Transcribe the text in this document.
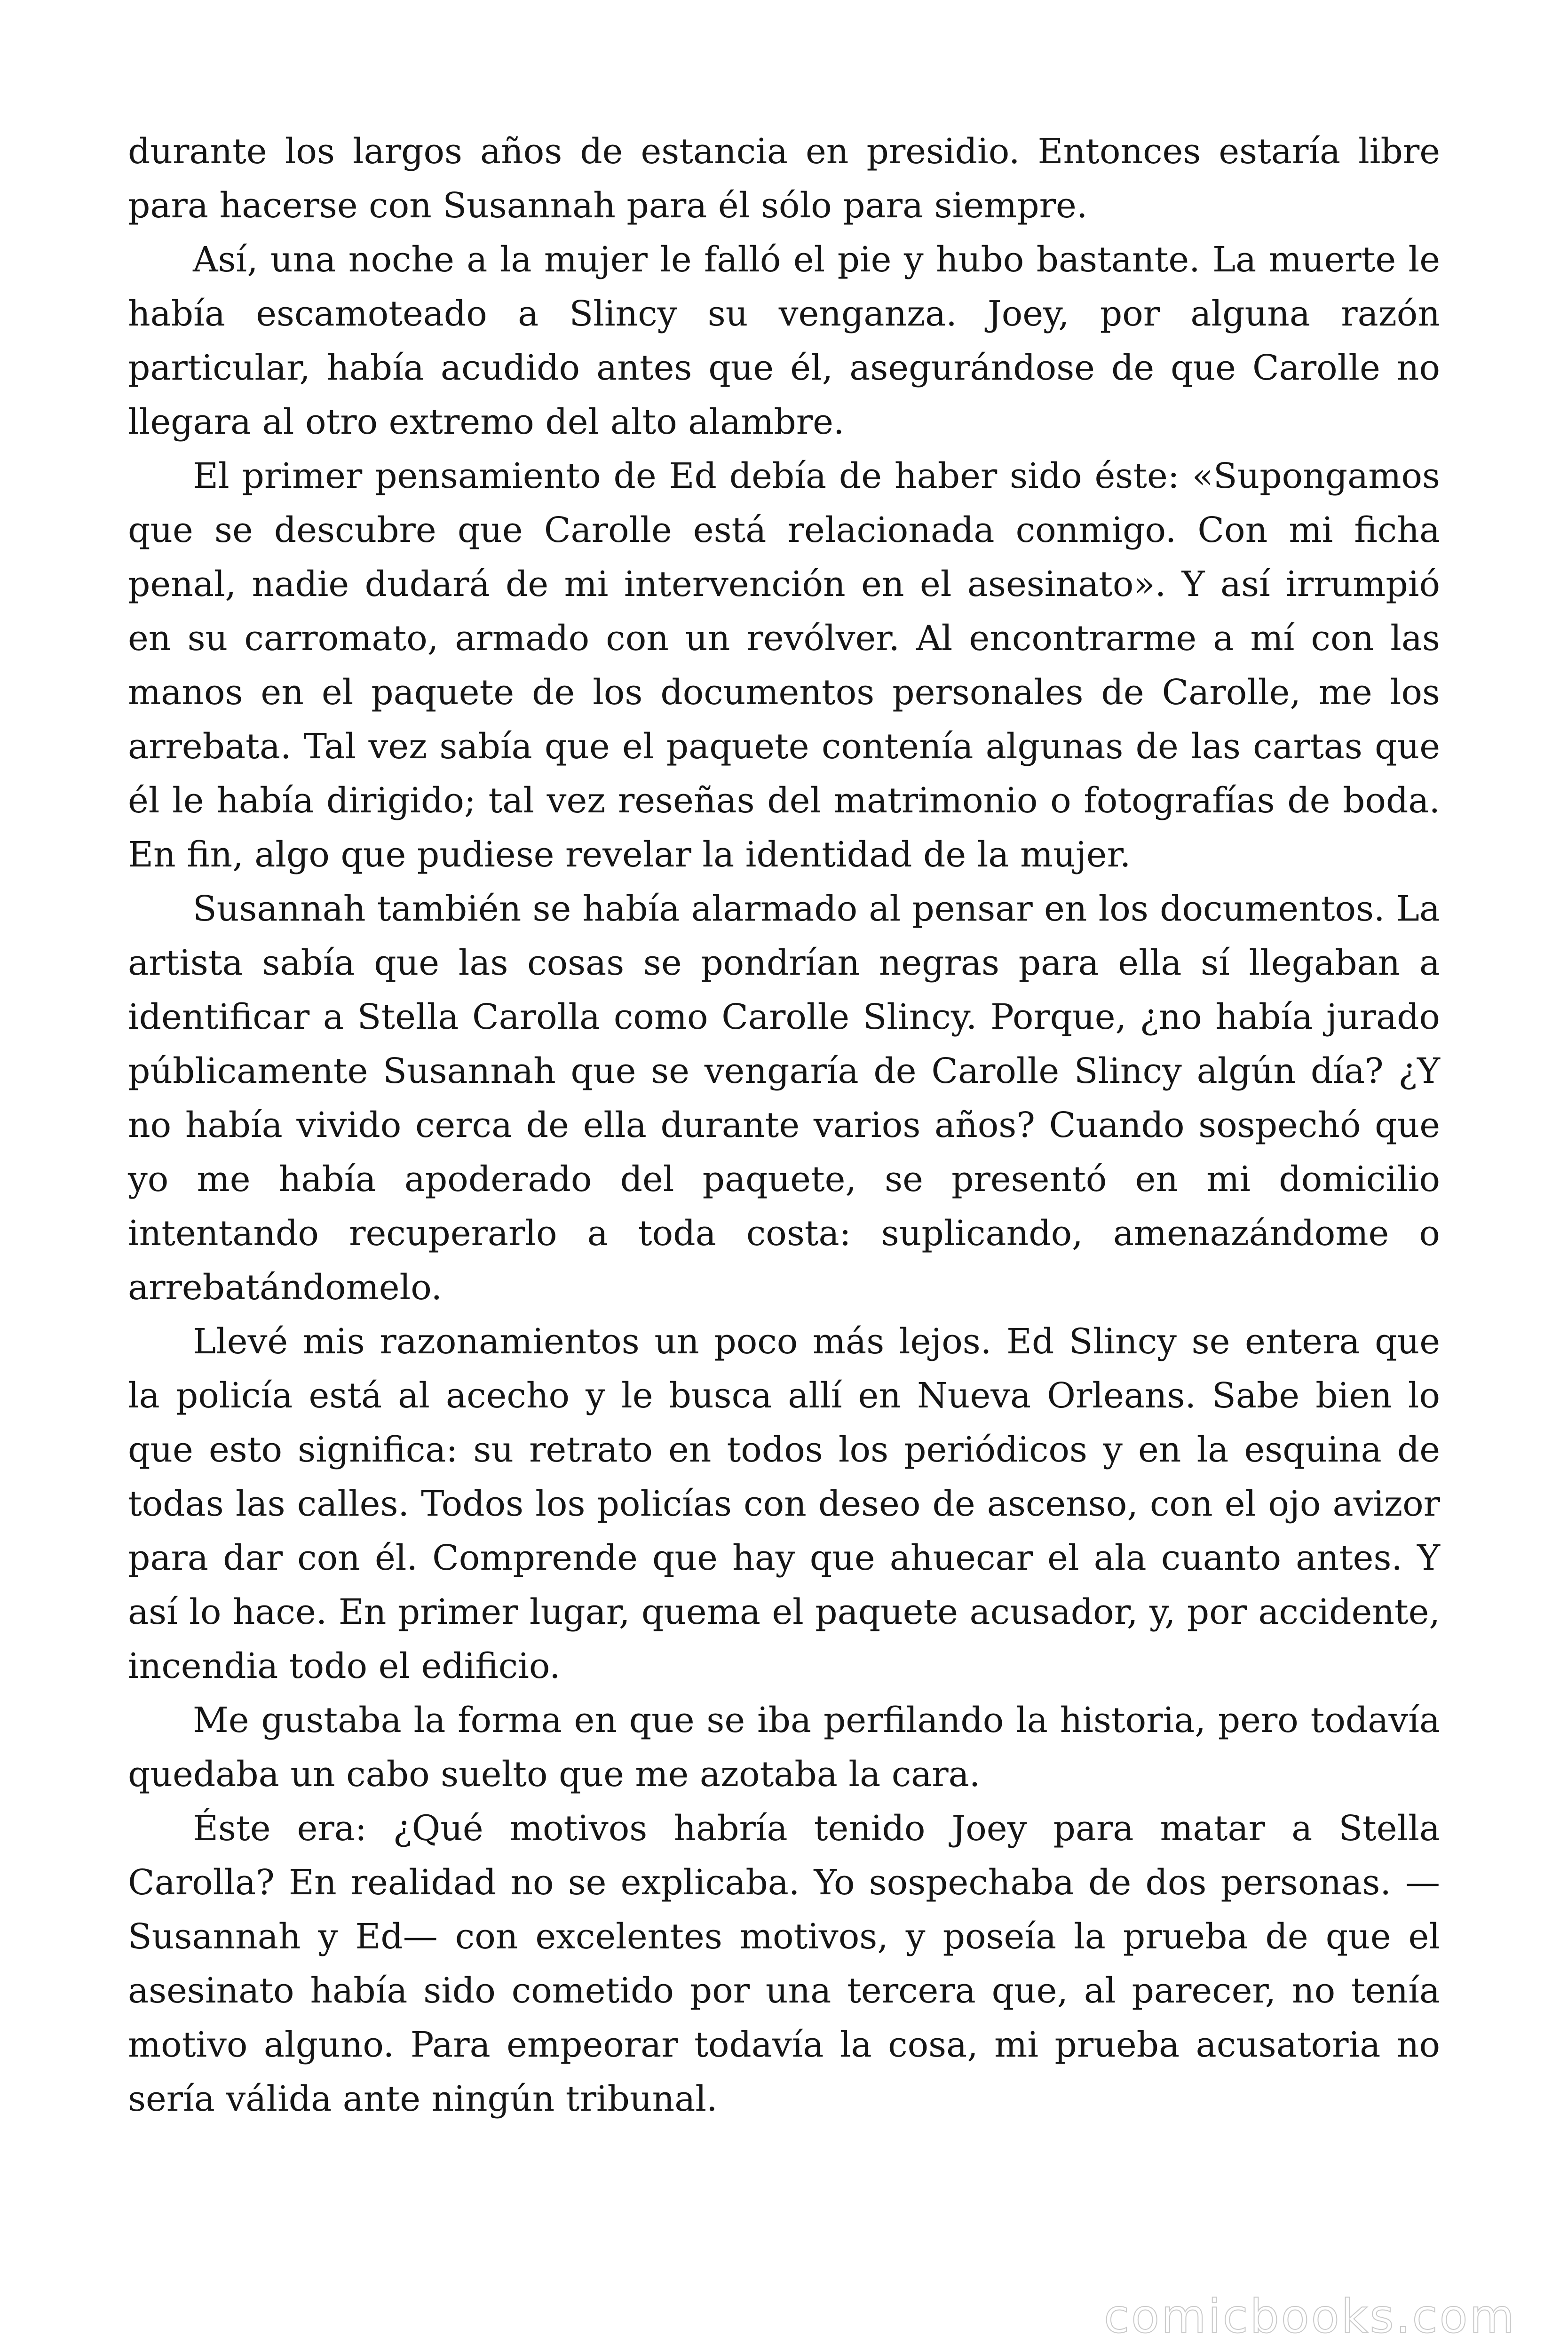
durante los largos años de estancia en presidio. Entonces estaría libre para hacerse con Susannah para él sólo para siempre.

Así, una noche a la mujer le falló el pie y hubo bastante. La muerte le había escamoteado a Slincy su venganza. Joey, por alguna razón particular, había acudido antes que él, asegurándose de que Carolle no llegara al otro extremo del alto alambre.

El primer pensamiento de Ed debía de haber sido éste: «Supongamos que se descubre que Carolle está relacionada conmigo. Con mi ficha penal, nadie dudará de mi intervención en el asesinato». Y así irrumpió en su carromato, armado con un revólver. Al encontrarme a mí con las manos en el paquete de los documentos personales de Carolle, me los arrebata. Tal vez sabía que el paquete contenía algunas de las cartas que él le había dirigido; tal vez reseñas del matrimonio o fotografías de boda. En fin, algo que pudiese revelar la identidad de la mujer.

Susannah también se había alarmado al pensar en los documentos. La artista sabía que las cosas se pondrían negras para ella sí llegaban a identificar a Stella Carolla como Carolle Slincy. Porque, ¿no había jurado públicamente Susannah que se vengaría de Carolle Slincy algún día? ¿Y no había vivido cerca de ella durante varios años? Cuando sospechó que yo me había apoderado del paquete, se presentó en mi domicilio intentando recuperarlo a toda costa: suplicando, amenazándome o arrebatándomelo.

Llevé mis razonamientos un poco más lejos. Ed Slincy se entera que la policía está al acecho y le busca allí en Nueva Orleans. Sabe bien lo que esto significa: su retrato en todos los periódicos y en la esquina de todas las calles. Todos los policías con deseo de ascenso, con el ojo avizor para dar con él. Comprende que hay que ahuecar el ala cuanto antes. Y así lo hace. En primer lugar, quema el paquete acusador, y, por accidente, incendia todo el edificio.

Me gustaba la forma en que se iba perfilando la historia, pero todavía quedaba un cabo suelto que me azotaba la cara.

Éste era: ¿Qué motivos habría tenido Joey para matar a Stella Carolla? En realidad no se explicaba. Yo sospechaba de dos personas. —Susannah y Ed— con excelentes motivos, y poseía la prueba de que el asesinato había sido cometido por una tercera que, al parecer, no tenía motivo alguno. Para empeorar todavía la cosa, mi prueba acusatoria no sería válida ante ningún tribunal.

comicbooks.com
